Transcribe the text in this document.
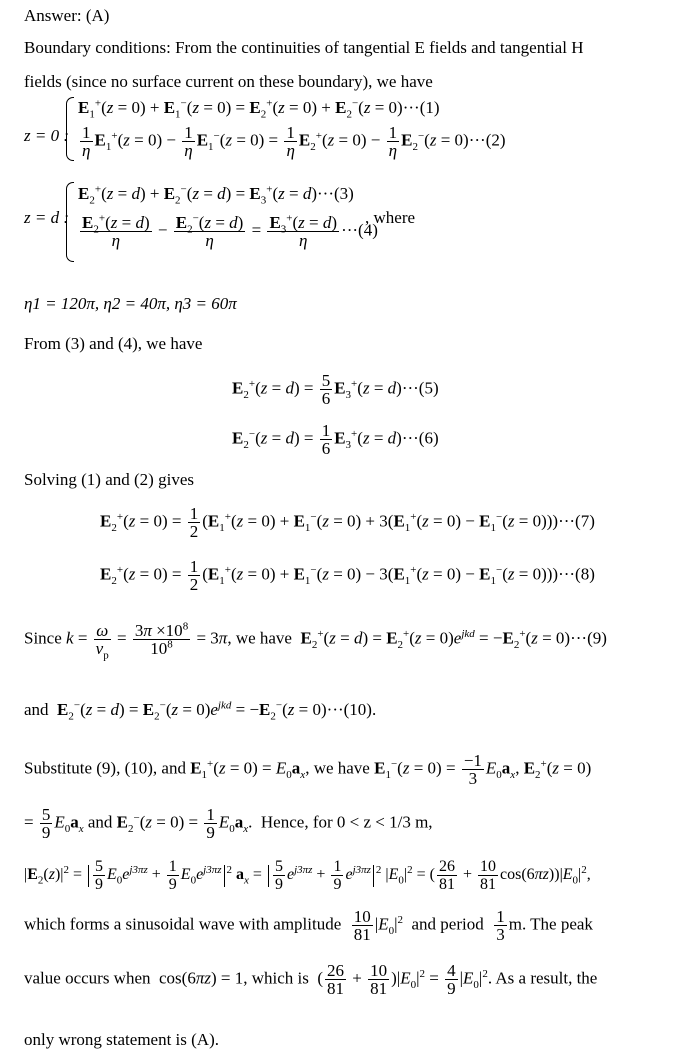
Answer: (A)
Boundary conditions: From the continuities of tangential E fields and tangential H
fields (since no surface current on these boundary), we have
z = 0 :
$E_1^+(z = 0) + E_1^-(z = 0) = E_2^+(z = 0) + E_2^-(z = 0)\cdot\cdot\cdot(1)$
$\frac{1}{\eta} E_1^+(z = 0) - \frac{1}{\eta} E_1^-(z = 0) = \frac{1}{\eta} E_2^+(z = 0) - \frac{1}{\eta} E_2^-(z = 0)\cdot\cdot\cdot(2)$
z = d :
$E_2^+(z = d) + E_2^-(z = d) = E_3^+(z = d)\cdot\cdot\cdot(3)$
$\frac{E_2^+(z = d)}{\eta} - \frac{E_2^-(z = d)}{\eta} = \frac{E_3^+(z = d)}{\eta} \cdot\cdot\cdot(4)$
, where
η1 = 120π, η2 = 40π, η3 = 60π
From (3) and (4), we have
$E_2^+(z = d) = \frac{5}{6} E_3^+(z = d)\cdot\cdot\cdot(5)$
$E_2^-(z = d) = \frac{1}{6} E_3^+(z = d)\cdot\cdot\cdot(6)$
Solving (1) and (2) gives
$E_2^+(z = 0) = \frac{1}{2} (E_1^+(z = 0) + E_1^-(z = 0) + 3(E_1^+(z = 0) - E_1^-(z = 0)))\cdot\cdot\cdot(7)$
$E_2^+(z = 0) = \frac{1}{2} (E_1^+(z = 0) + E_1^-(z = 0) - 3(E_1^+(z = 0) - E_1^-(z = 0)))\cdot\cdot\cdot(8)$
Since $k = \frac{\omega}{v_p} = \frac{3\pi \times 10^8}{10^8} = 3\pi$, we have $E_2^+(z = d) = E_2^+(z = 0)e^{jkd} = -E_2^+(z = 0)\cdot\cdot\cdot(9)$
and $E_2^-(z = d) = E_2^-(z = 0)e^{jkd} = -E_2^-(z = 0)\cdot\cdot\cdot(10)$.
Substitute (9), (10), and $E_1^+(z = 0) = E_0a_x$, we have $E_1^-(z = 0) = \frac{-1}{3} E_0a_x$, $E_2^+(z = 0)$
= $\frac{5}{9} E_0a_x$ and $E_2^-(z = 0) = \frac{1}{9} E_0a_x$.  Hence, for 0 < z < 1/3 m,
$|E_2(z)|^2 = \frac{5}{9} E_0e^{j3\pi z} + \frac{1}{9} E_0e^{j3\pi z}$ $^2$ $a_x = \frac{5}{9} e^{j3\pi z} + \frac{1}{9} e^{j3\pi z}$ $^2$ $|E_0|^2$ = ( $\frac{26}{81} + \frac{10}{81} \cos(6\pi z))|E_0|^2$,
which forms a sinusoidal wave with amplitude $\frac{10}{81} |E_0|^2$ and period $\frac{1}{3} m$. The peak
value occurs when  cos(6πz) = 1, which is  ( $\frac{26}{81} + \frac{10}{81} )|E_0|^2 = \frac{4}{9} |E_0|^2$. As a result, the
only wrong statement is (A).
